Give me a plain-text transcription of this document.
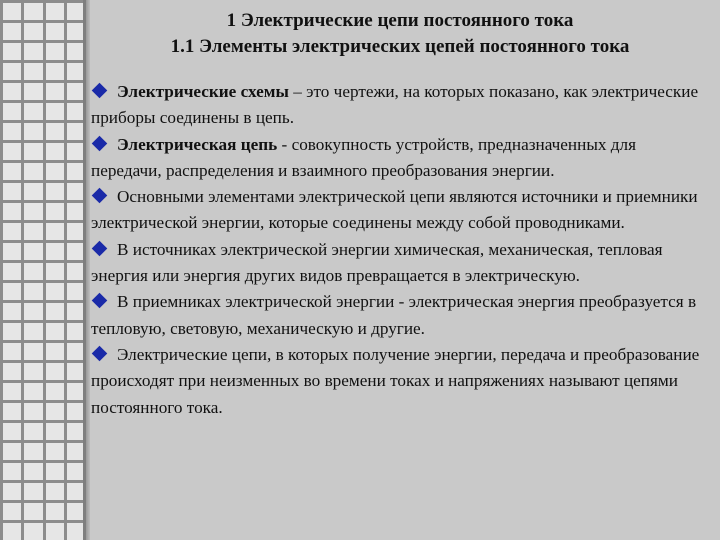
1 Электрические цепи постоянного тока
1.1 Элементы электрических цепей постоянного тока

Электрические схемы – это чертежи, на которых показано, как электрические приборы соединены в цепь.

Электрическая цепь - совокупность устройств, предназначенных для передачи, распределения и взаимного преобразования энергии.

Основными элементами электрической цепи являются источники и приемники электрической энергии, которые соединены между собой проводниками.

В источниках электрической энергии химическая, механическая, тепловая энергия или энергия других видов превращается в электрическую.

В приемниках электрической энергии - электрическая энергия преобразуется в тепловую, световую, механическую и другие.

Электрические цепи, в которых получение энергии, передача и преобразование происходят при неизменных во времени токах и напряжениях называют цепями постоянного тока.
